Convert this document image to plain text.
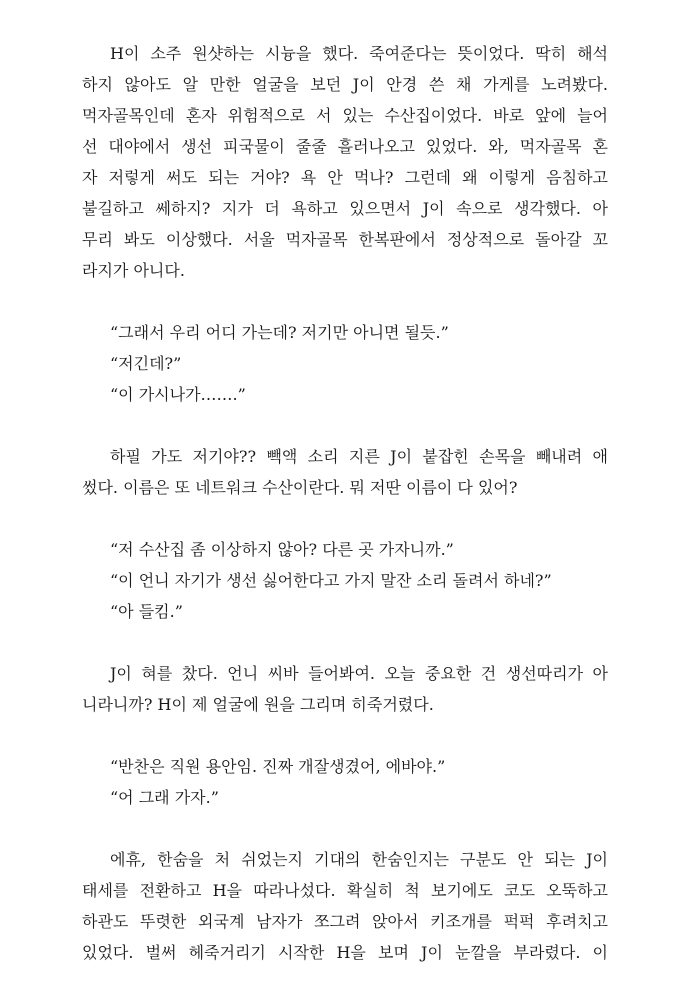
H이 소주 원샷하는 시늉을 했다. 죽여준다는 뜻이었다. 딱히 해석
하지 않아도 알 만한 얼굴을 보던 J이 안경 쓴 채 가게를 노려봤다.
먹자골목인데 혼자 위험적으로 서 있는 수산집이었다. 바로 앞에 늘어
선 대야에서 생선 피국물이 줄줄 흘러나오고 있었다. 와, 먹자골목 혼
자 저렇게 써도 되는 거야? 욕 안 먹나? 그런데 왜 이렇게 음침하고
불길하고 쎄하지? 지가 더 욕하고 있으면서 J이 속으로 생각했다. 아
무리 봐도 이상했다. 서울 먹자골목 한복판에서 정상적으로 돌아갈 꼬
라지가 아니다.
“그래서 우리 어디 가는데? 저기만 아니면 될듯.”
“저긴데?”
“이 가시나가…….”
하필 가도 저기야?? 빽액 소리 지른 J이 붙잡힌 손목을 빼내려 애
썼다. 이름은 또 네트워크 수산이란다. 뭐 저딴 이름이 다 있어?
“저 수산집 좀 이상하지 않아? 다른 곳 가자니까.”
“이 언니 자기가 생선 싫어한다고 가지 말잔 소리 돌려서 하네?”
“아 들킴.”
J이 혀를 찼다. 언니 씨바 들어봐여. 오늘 중요한 건 생선따리가 아
니라니까? H이 제 얼굴에 원을 그리며 히죽거렸다.
“반찬은 직원 용안임. 진짜 개잘생겼어, 에바야.”
“어 그래 가자.”
에휴, 한숨을 처 쉬었는지 기대의 한숨인지는 구분도 안 되는 J이
태세를 전환하고 H을 따라나섰다. 확실히 척 보기에도 코도 오뚝하고
하관도 뚜렷한 외국계 남자가 쪼그려 앉아서 키조개를 퍽퍽 후려치고
있었다. 벌써 헤죽거리기 시작한 H을 보며 J이 눈깔을 부라렸다. 이
